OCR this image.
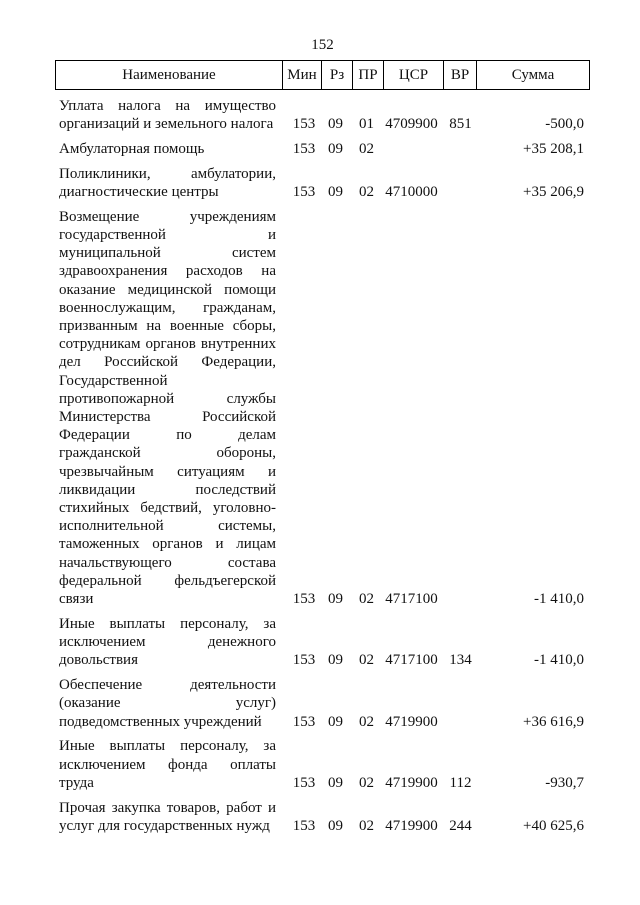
152
Наименование	Мин Рз ПР	ЦСР	ВР	Сумма
Уплата налога на имущество
организаций и земельного налога	153 09	01 4709900 851	-500,0
Амбулаторная помощь	153 09	02	+35 208,1
Поликлиники, амбулатории,
диагностические центры	153 09	02 4710000	+35 206,9
Возмещение учреждениям
государственной и
муниципальной систем
здравоохранения расходов на
оказание медицинской помощи
военнослужащим, гражданам,
призванным на военные сборы,
сотрудникам органов внутренних
дел Российской Федерации,
Государственной
противопожарной службы
Министерства Российской
Федерации по делам
гражданской обороны,
чрезвычайным ситуациям и
ликвидации последствий
стихийных бедствий, уголовно-
исполнительной системы,
таможенных органов и лицам
начальствующего состава
федеральной фельдъегерской
связи	153 09	02 4717100	-1 410,0
Иные выплаты персоналу, за
исключением денежного
довольствия	153 09	02 4717100 134	-1 410,0
Обеспечение деятельности
(оказание услуг)
подведомственных учреждений	153 09	02 4719900	+36 616,9
Иные выплаты персоналу, за
исключением фонда оплаты
труда	153 09	02 4719900 112	-930,7
Прочая закупка товаров, работ и
услуг для государственных нужд	153 09	02 4719900 244	+40 625,6
